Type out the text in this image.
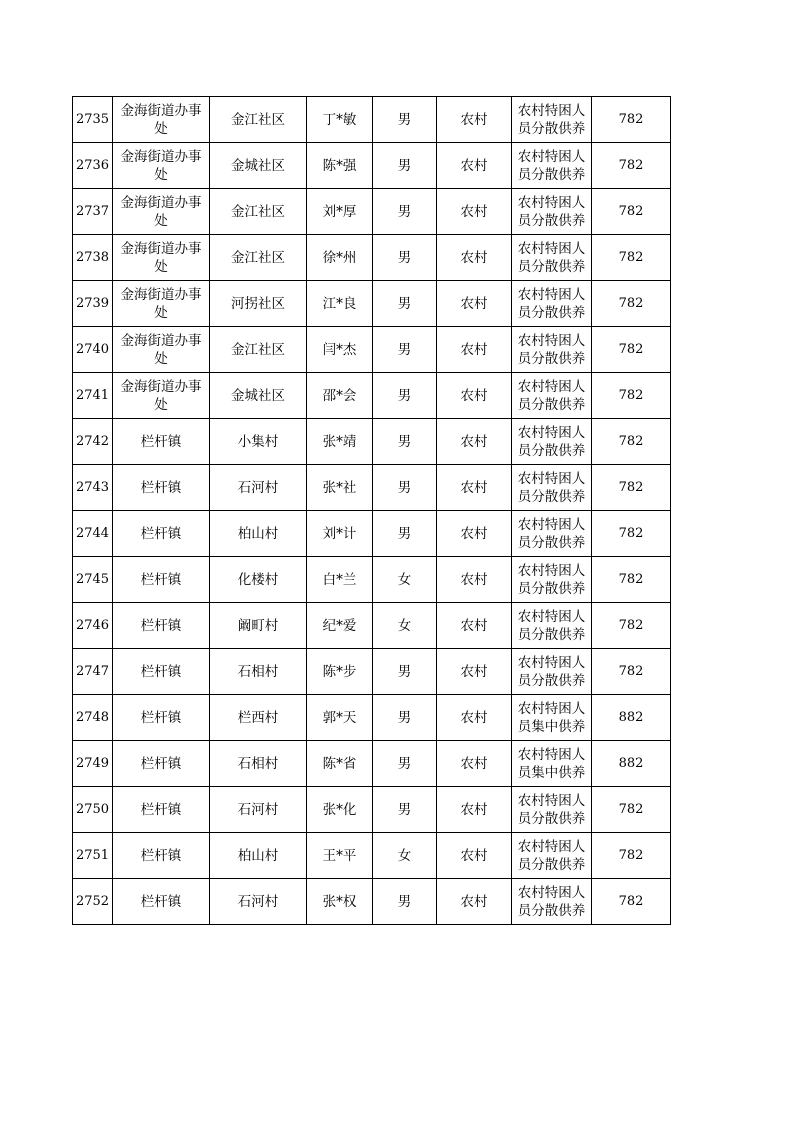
2735	金海街道办事处	金江社区	丁*敏	男	农村	农村特困人员分散供养	782
2736	金海街道办事处	金城社区	陈*强	男	农村	农村特困人员分散供养	782
2737	金海街道办事处	金江社区	刘*厚	男	农村	农村特困人员分散供养	782
2738	金海街道办事处	金江社区	徐*州	男	农村	农村特困人员分散供养	782
2739	金海街道办事处	河拐社区	江*良	男	农村	农村特困人员分散供养	782
2740	金海街道办事处	金江社区	闫*杰	男	农村	农村特困人员分散供养	782
2741	金海街道办事处	金城社区	邵*会	男	农村	农村特困人员分散供养	782
2742	栏杆镇	小集村	张*靖	男	农村	农村特困人员分散供养	782
2743	栏杆镇	石河村	张*社	男	农村	农村特困人员分散供养	782
2744	栏杆镇	柏山村	刘*计	男	农村	农村特困人员分散供养	782
2745	栏杆镇	化楼村	白*兰	女	农村	农村特困人员分散供养	782
2746	栏杆镇	阚町村	纪*爱	女	农村	农村特困人员分散供养	782
2747	栏杆镇	石相村	陈*步	男	农村	农村特困人员分散供养	782
2748	栏杆镇	栏西村	郭*天	男	农村	农村特困人员集中供养	882
2749	栏杆镇	石相村	陈*省	男	农村	农村特困人员集中供养	882
2750	栏杆镇	石河村	张*化	男	农村	农村特困人员分散供养	782
2751	栏杆镇	柏山村	王*平	女	农村	农村特困人员分散供养	782
2752	栏杆镇	石河村	张*权	男	农村	农村特困人员分散供养	782
